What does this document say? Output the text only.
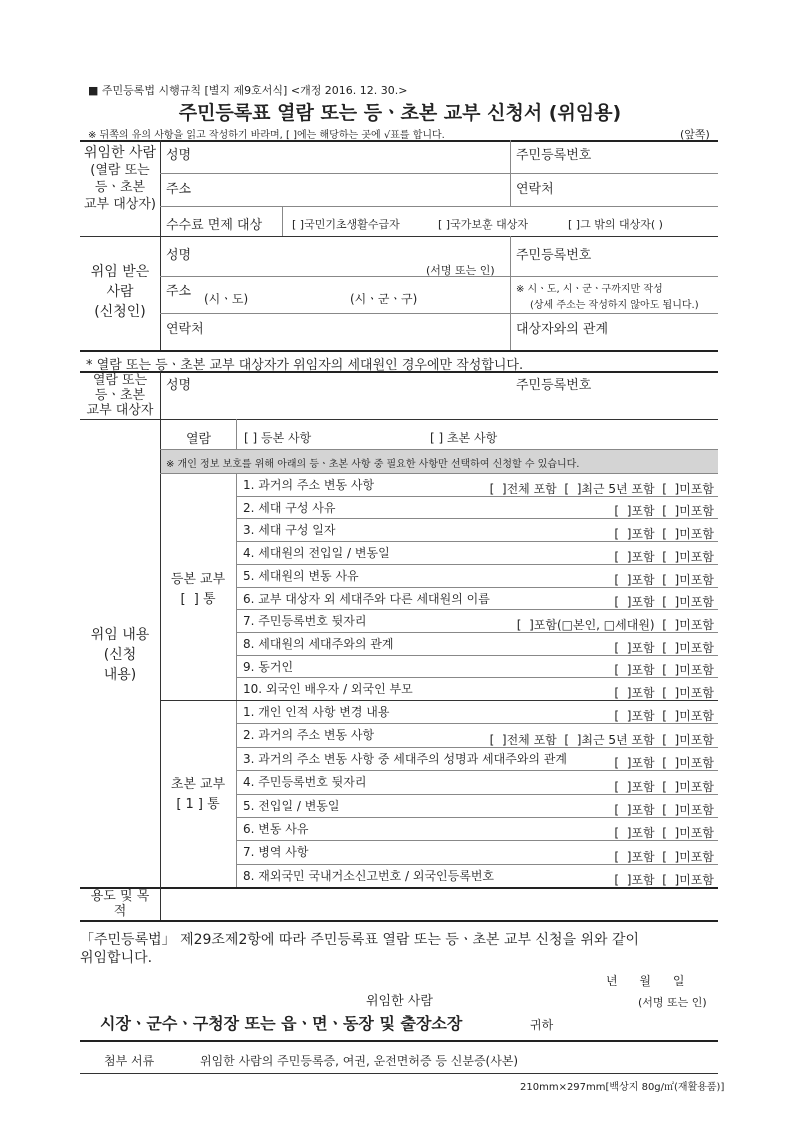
■ 주민등록법 시행규칙 [별지 제9호서식] <개정 2016. 12. 30.>
주민등록표 열람 또는 등ㆍ초본 교부 신청서 (위임용)
※ 뒤쪽의 유의 사항을 읽고 작성하기 바라며, [ ]에는 해당하는 곳에 √표를 합니다.	(앞쪽)
위임한 사람
(열람 또는
등ㆍ초본
교부 대상자)
성명	주민등록번호
주소	연락처
수수료 면제 대상	[ ]국민기초생활수급자	[ ]국가보훈 대상자	[ ]그 밖의 대상자( )
위임 받은
사람
(신청인)
성명	주민등록번호
(서명 또는 인)
주소 (시ㆍ도)	(시ㆍ군ㆍ구)
※ 시ㆍ도, 시ㆍ군ㆍ구까지만 작성
(상세 주소는 작성하지 않아도 됩니다.)
연락처	대상자와의 관계
* 열람 또는 등ㆍ초본 교부 대상자가 위임자의 세대원인 경우에만 작성합니다.
열람 또는
등ㆍ초본
교부 대상자
성명	주민등록번호
위임 내용
(신청
내용)
열람	[ ] 등본 사항	[ ] 초본 사항
※ 개인 정보 보호를 위해 아래의 등ㆍ초본 사항 중 필요한 사항만 선택하여 신청할 수 있습니다.
등본 교부
[  ] 통
초본 교부
[ 1 ] 통
1. 과거의 주소 변동 사항	[  ]전체 포함  [  ]최근 5년 포함  [  ]미포함
2. 세대 구성 사유	[  ]포함  [  ]미포함
3. 세대 구성 일자	[  ]포함  [  ]미포함
4. 세대원의 전입일 / 변동일	[  ]포함  [  ]미포함
5. 세대원의 변동 사유	[  ]포함  [  ]미포함
6. 교부 대상자 외 세대주와 다른 세대원의 이름	[  ]포함  [  ]미포함
7. 주민등록번호 뒷자리	[  ]포함(□본인, □세대원)  [  ]미포함
8. 세대원의 세대주와의 관계	[  ]포함  [  ]미포함
9. 동거인	[  ]포함  [  ]미포함
10. 외국인 배우자 / 외국인 부모	[  ]포함  [  ]미포함
1. 개인 인적 사항 변경 내용	[  ]포함  [  ]미포함
2. 과거의 주소 변동 사항	[  ]전체 포함  [  ]최근 5년 포함  [  ]미포함
3. 과거의 주소 변동 사항 중 세대주의 성명과 세대주와의 관계	[  ]포함  [  ]미포함
4. 주민등록번호 뒷자리	[  ]포함  [  ]미포함
5. 전입일 / 변동일	[  ]포함  [  ]미포함
6. 변동 사유	[  ]포함  [  ]미포함
7. 병역 사항	[  ]포함  [  ]미포함
8. 재외국민 국내거소신고번호 / 외국인등록번호	[  ]포함  [  ]미포함
용도 및 목
적
「주민등록법」 제29조제2항에 따라 주민등록표 열람 또는 등ㆍ초본 교부 신청을 위와 같이
위임합니다.
년 월 일
위임한 사람	(서명 또는 인)
시장ㆍ군수ㆍ구청장 또는 읍ㆍ면ㆍ동장 및 출장소장	귀하
첨부 서류	위임한 사람의 주민등록증, 여권, 운전면허증 등 신분증(사본)
210mm×297mm[백상지 80g/㎡(재활용품)]
